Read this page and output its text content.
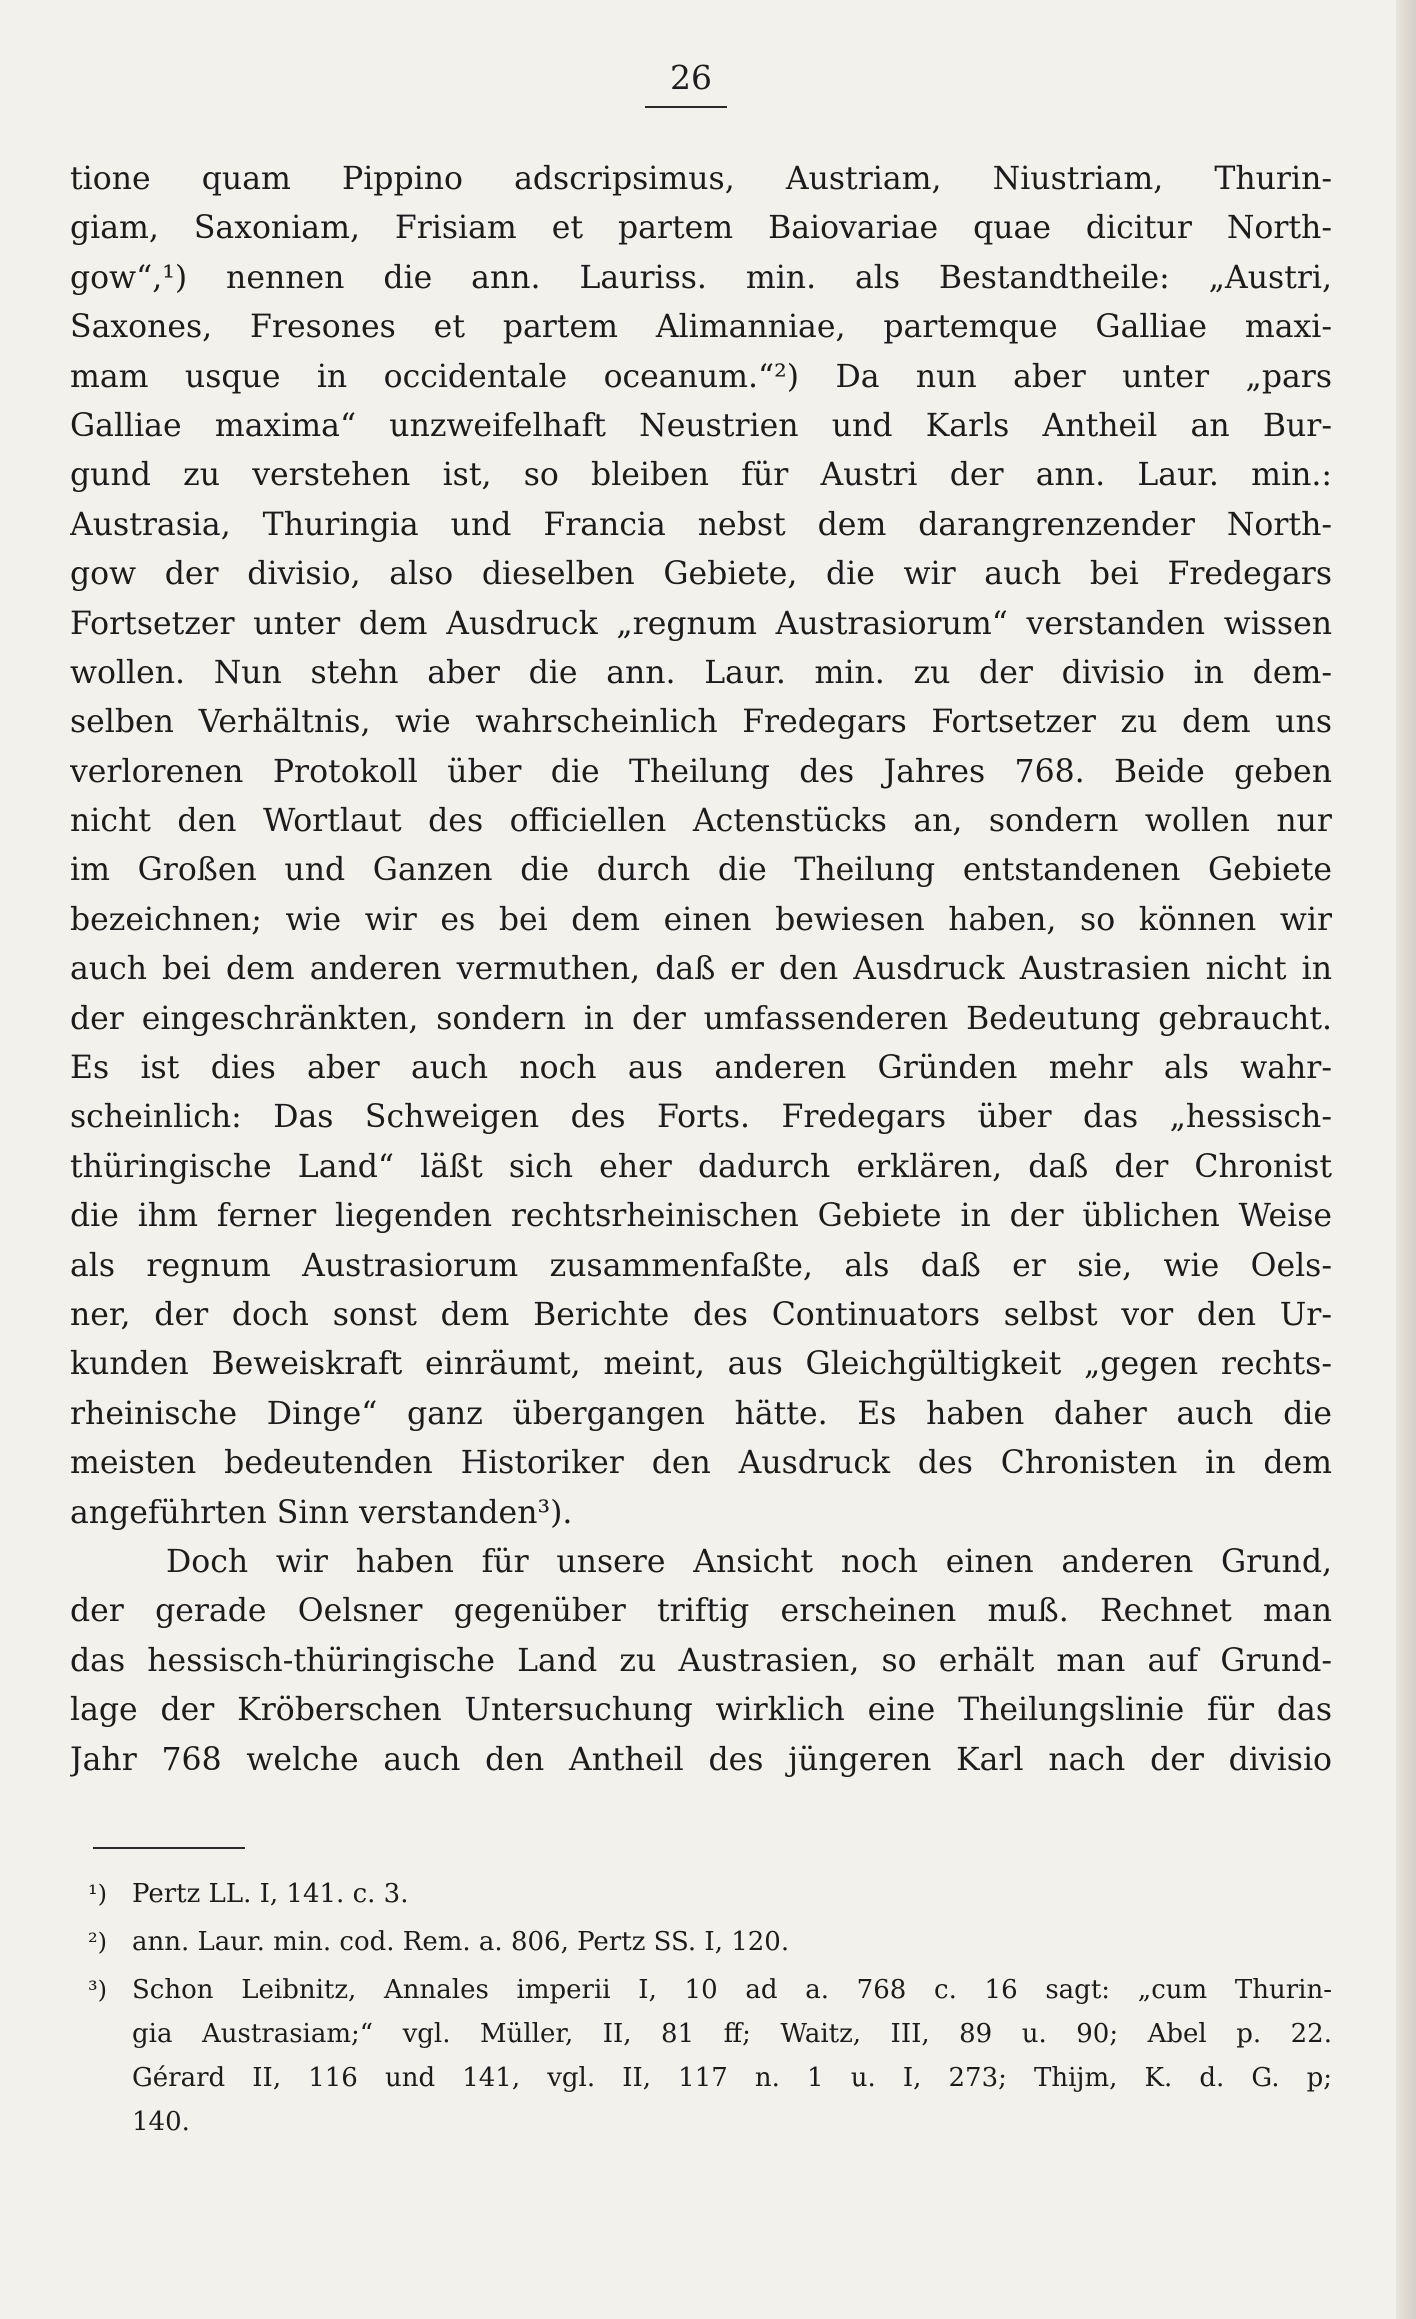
26
tione quam Pippino adscripsimus, Austriam, Niustriam, Thurin-
giam, Saxoniam, Frisiam et partem Baiovariae quae dicitur North-
gow“,¹) nennen die ann. Lauriss. min. als Bestandtheile: „Austri,
Saxones, Fresones et partem Alimanniae, partemque Galliae maxi-
mam usque in occidentale oceanum.“²) Da nun aber unter „pars
Galliae maxima“ unzweifelhaft Neustrien und Karls Antheil an Bur-
gund zu verstehen ist, so bleiben für Austri der ann. Laur. min.:
Austrasia, Thuringia und Francia nebst dem darangrenzender North-
gow der divisio, also dieselben Gebiete, die wir auch bei Fredegars
Fortsetzer unter dem Ausdruck „regnum Austrasiorum“ verstanden wissen
wollen. Nun stehn aber die ann. Laur. min. zu der divisio in dem-
selben Verhältnis, wie wahrscheinlich Fredegars Fortsetzer zu dem uns
verlorenen Protokoll über die Theilung des Jahres 768. Beide geben
nicht den Wortlaut des officiellen Actenstücks an, sondern wollen nur
im Großen und Ganzen die durch die Theilung entstandenen Gebiete
bezeichnen; wie wir es bei dem einen bewiesen haben, so können wir
auch bei dem anderen vermuthen, daß er den Ausdruck Austrasien nicht in
der eingeschränkten, sondern in der umfassenderen Bedeutung gebraucht.
Es ist dies aber auch noch aus anderen Gründen mehr als wahr-
scheinlich: Das Schweigen des Forts. Fredegars über das „hessisch-
thüringische Land“ läßt sich eher dadurch erklären, daß der Chronist
die ihm ferner liegenden rechtsrheinischen Gebiete in der üblichen Weise
als regnum Austrasiorum zusammenfaßte, als daß er sie, wie Oels-
ner, der doch sonst dem Berichte des Continuators selbst vor den Ur-
kunden Beweiskraft einräumt, meint, aus Gleichgültigkeit „gegen rechts-
rheinische Dinge“ ganz übergangen hätte. Es haben daher auch die
meisten bedeutenden Historiker den Ausdruck des Chronisten in dem
angeführten Sinn verstanden³).
Doch wir haben für unsere Ansicht noch einen anderen Grund,
der gerade Oelsner gegenüber triftig erscheinen muß. Rechnet man
das hessisch-thüringische Land zu Austrasien, so erhält man auf Grund-
lage der Kröberschen Untersuchung wirklich eine Theilungslinie für das
Jahr 768 welche auch den Antheil des jüngeren Karl nach der divisio
¹) Pertz LL. I, 141. c. 3.
²) ann. Laur. min. cod. Rem. a. 806, Pertz SS. I, 120.
³) Schon Leibnitz, Annales imperii I, 10 ad a. 768 c. 16 sagt: „cum Thurin-
gia Austrasiam;“ vgl. Müller, II, 81 ff; Waitz, III, 89 u. 90; Abel p. 22.
Gérard II, 116 und 141, vgl. II, 117 n. 1 u. I, 273; Thijm, K. d. G. p;
140.
